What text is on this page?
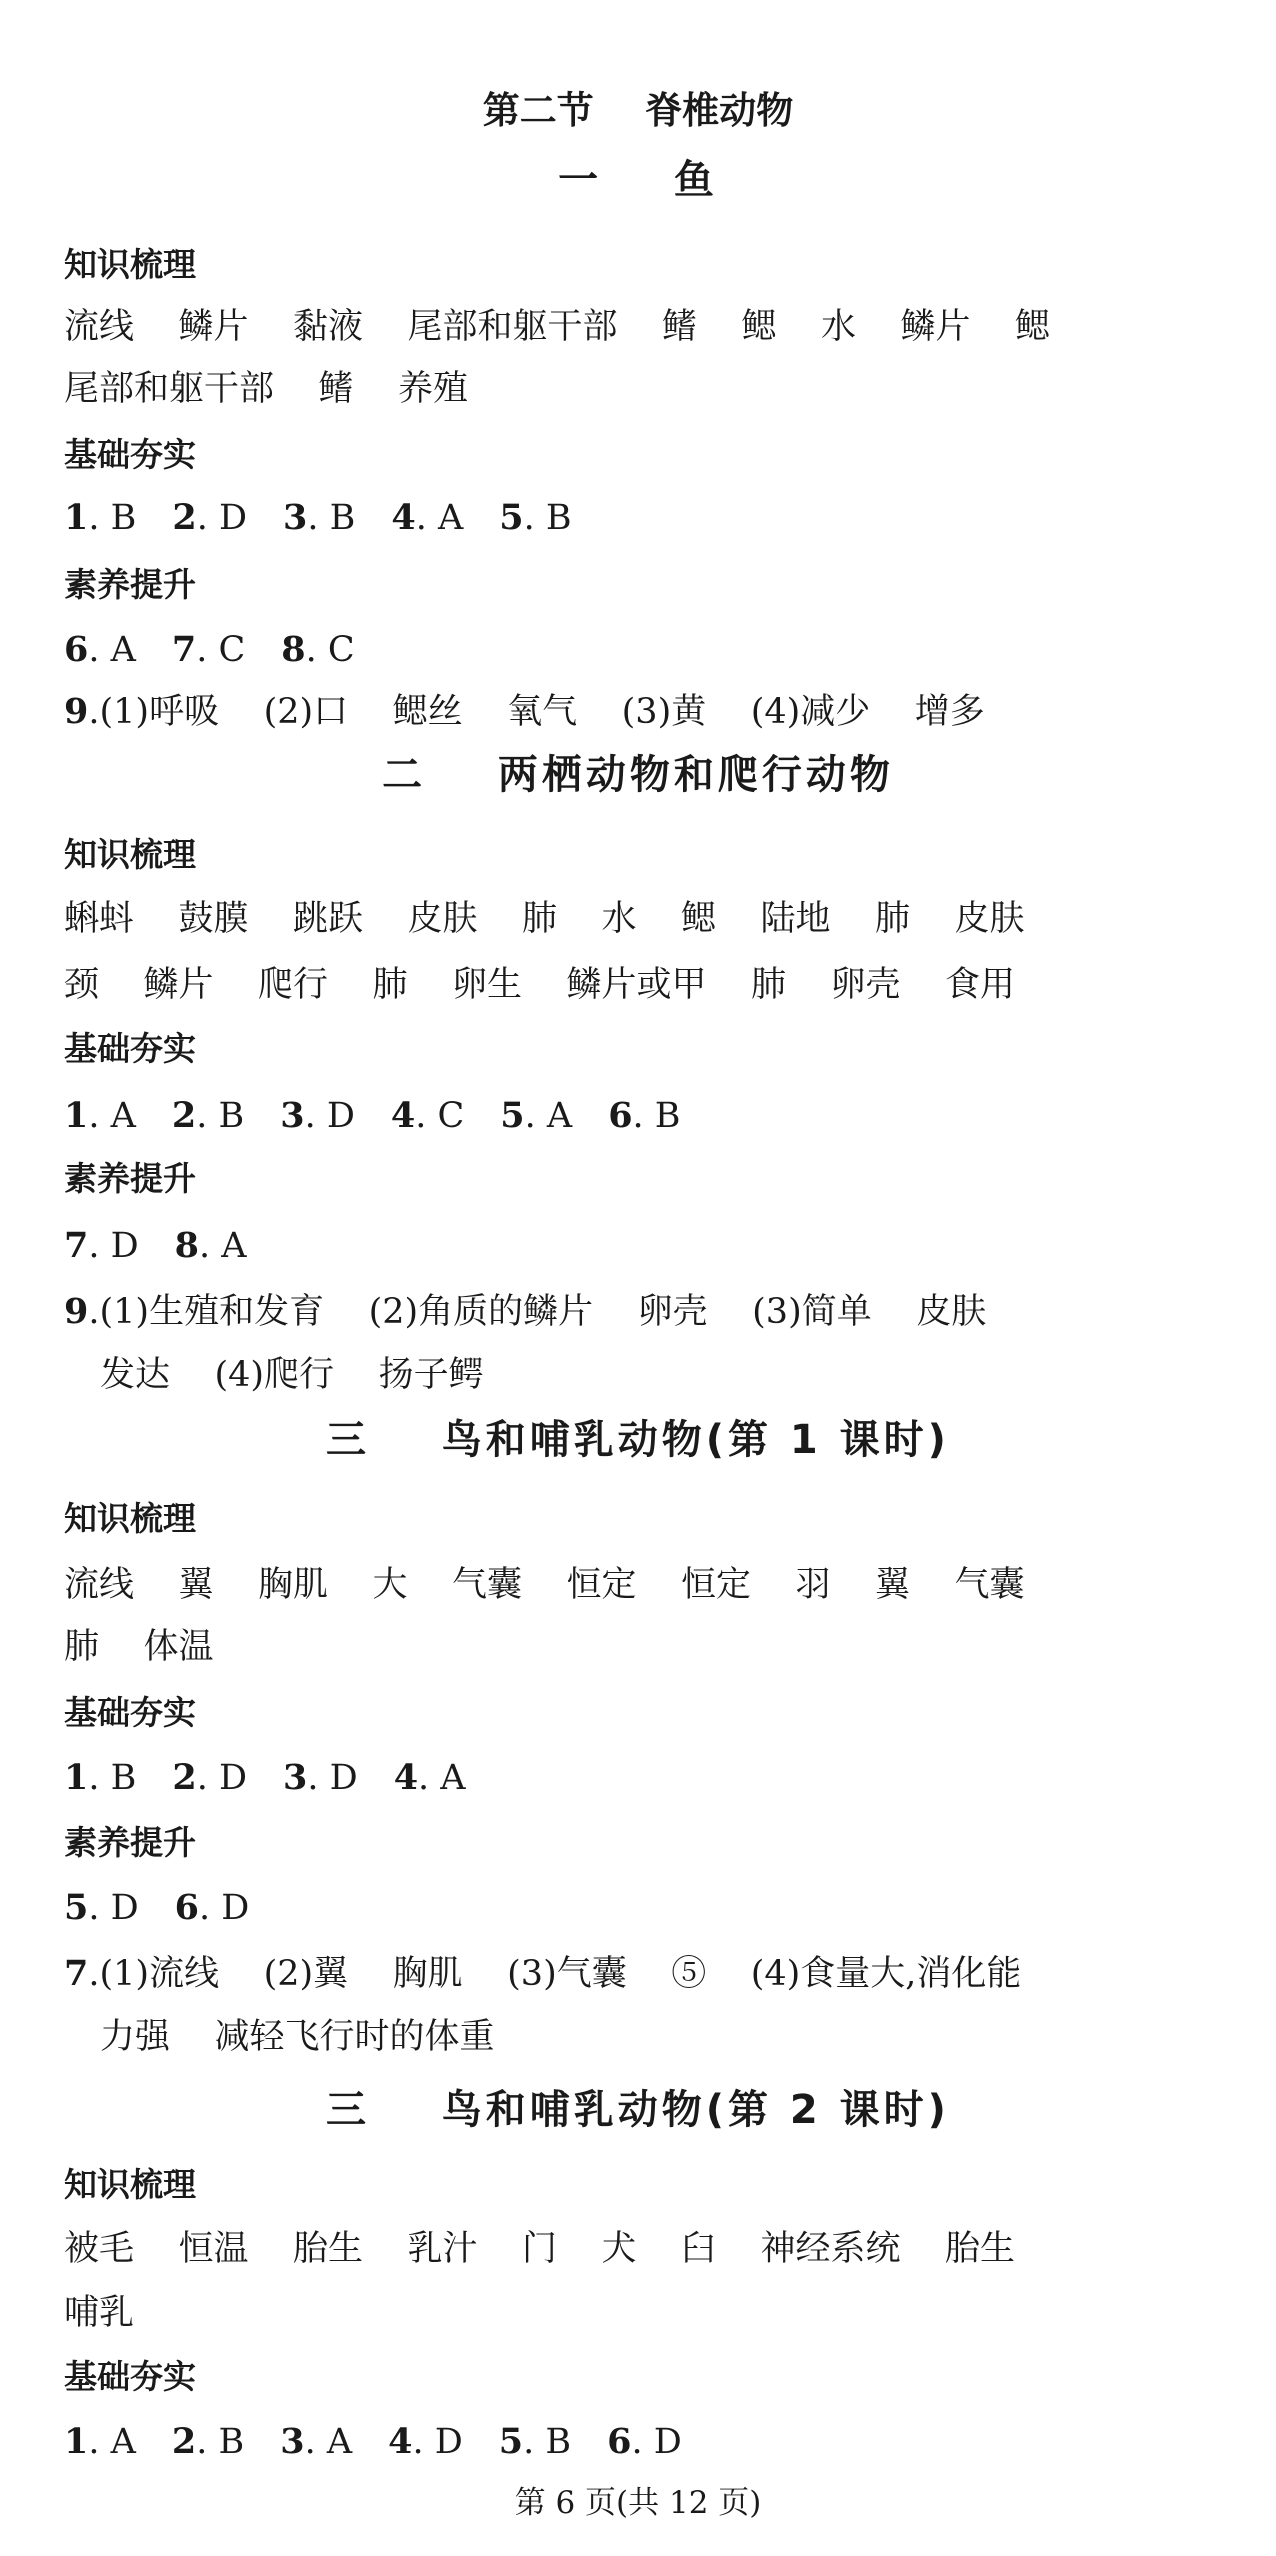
第二节    脊椎动物
一    鱼
知识梳理
流线    鳞片    黏液    尾部和躯干部    鳍    鳃    水    鳞片    鳃
尾部和躯干部    鳍    养殖
基础夯实
1. B 2. D 3. B 4. A 5. B
素养提升
6. A 7. C 8. C
9.(1)呼吸    (2)口    鳃丝    氧气    (3)黄    (4)减少    增多
二    两栖动物和爬行动物
知识梳理
蝌蚪    鼓膜    跳跃    皮肤    肺    水    鳃    陆地    肺    皮肤
颈    鳞片    爬行    肺    卵生    鳞片或甲    肺    卵壳    食用
基础夯实
1. A 2. B 3. D 4. C 5. A 6. B
素养提升
7. D 8. A
9.(1)生殖和发育    (2)角质的鳞片    卵壳    (3)简单    皮肤
发达    (4)爬行    扬子鳄
三    鸟和哺乳动物(第 1 课时)
知识梳理
流线    翼    胸肌    大    气囊    恒定    恒定    羽    翼    气囊
肺    体温
基础夯实
1. B 2. D 3. D 4. A
素养提升
5. D 6. D
7.(1)流线    (2)翼    胸肌    (3)气囊    ⑤    (4)食量大,消化能
力强    减轻飞行时的体重
三    鸟和哺乳动物(第 2 课时)
知识梳理
被毛    恒温    胎生    乳汁    门    犬    臼    神经系统    胎生
哺乳
基础夯实
1. A 2. B 3. A 4. D 5. B 6. D
第 6 页(共 12 页)
